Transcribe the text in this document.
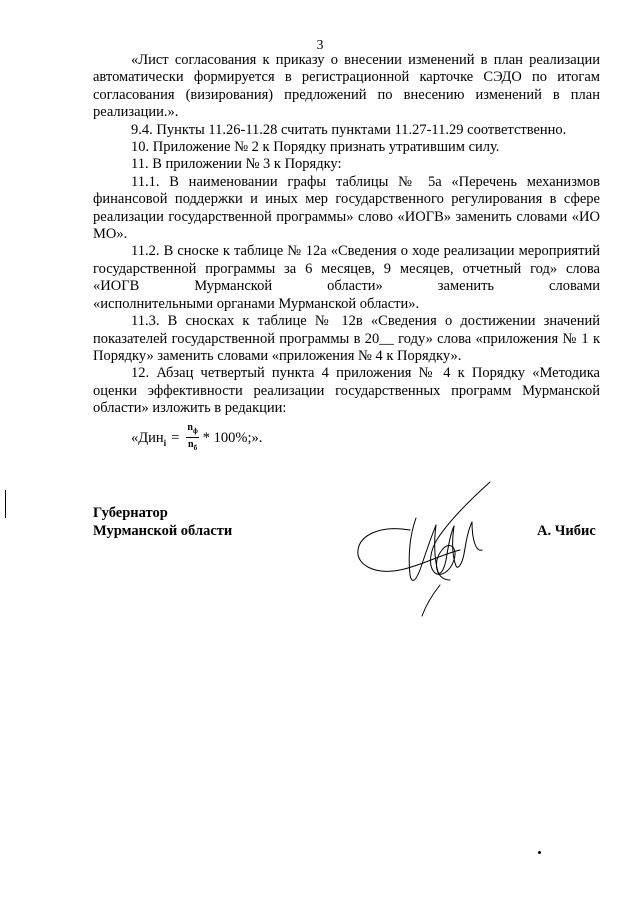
3

«Лист согласования к приказу о внесении изменений в план реализации автоматически формируется в регистрационной карточке СЭДО по итогам согласования (визирования) предложений по внесению изменений в план реализации.».

9.4. Пункты 11.26-11.28 считать пунктами 11.27-11.29 соответственно.

10. Приложение № 2 к Порядку признать утратившим силу.

11. В приложении № 3 к Порядку:

11.1. В наименовании графы таблицы № 5а «Перечень механизмов финансовой поддержки и иных мер государственного регулирования в сфере реализации государственной программы» слово «ИОГВ» заменить словами «ИО МО».

11.2. В сноске к таблице № 12а «Сведения о ходе реализации мероприятий государственной программы за 6 месяцев, 9 месяцев, отчетный год» слова «ИОГВ Мурманской области» заменить словами

«исполнительными органами Мурманской области».

11.3. В сносках к таблице № 12в «Сведения о достижении значений показателей государственной программы в 20__ году» слова «приложения № 1 к Порядку» заменить словами «приложения № 4 к Порядку».

12. Абзац четвертый пункта 4 приложения № 4 к Порядку «Методика оценки эффективности реализации государственных программ Мурманской области» изложить в редакции:

«Дин $i = \frac{n_ф}{n_б} * 100\%$;».
Губернатор
Мурманской области	А. Чибис
